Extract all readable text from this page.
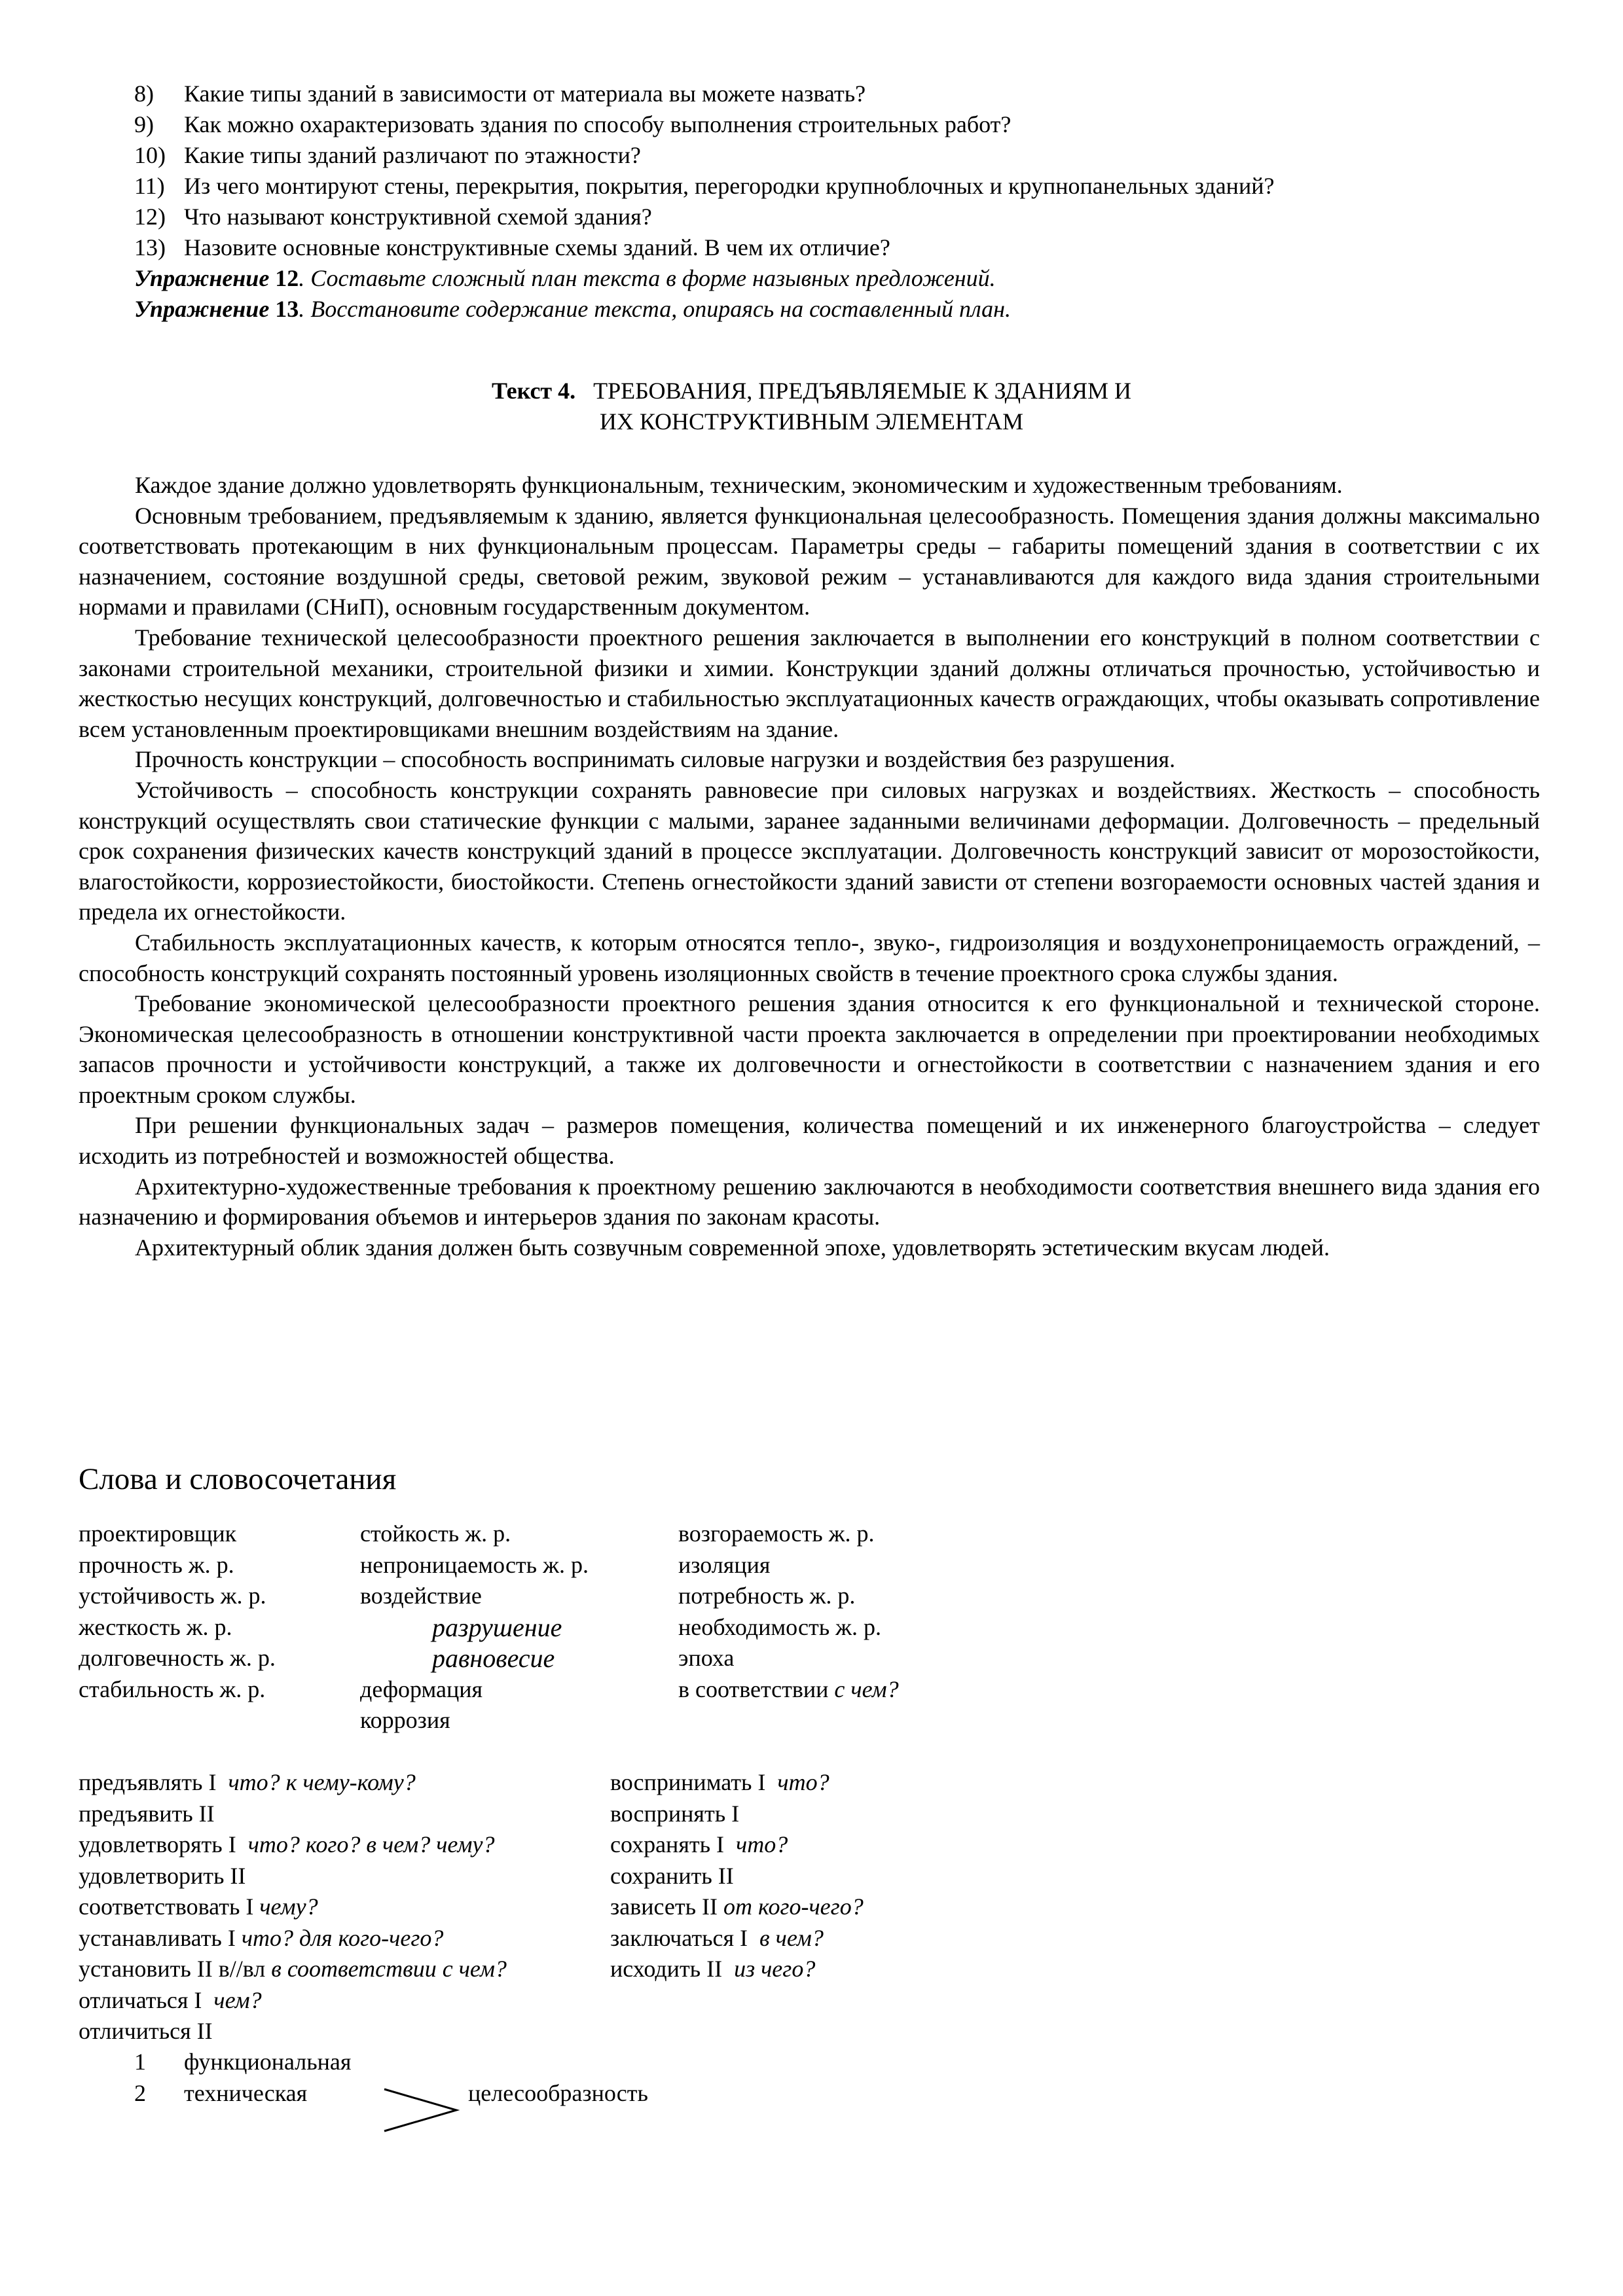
8) Какие типы зданий в зависимости от материала вы можете назвать?
9) Как можно охарактеризовать здания по способу выполнения строительных работ?
10) Какие типы зданий различают по этажности?
11) Из чего монтируют стены, перекрытия, покрытия, перегородки крупноблочных и крупнопанельных зданий?
12) Что называют конструктивной схемой здания?
13) Назовите основные конструктивные схемы зданий. В чем их отличие?
Упражнение 12. Составьте сложный план текста в форме назывных предложений.
Упражнение 13. Восстановите содержание текста, опираясь на составленный план.
Текст 4. ТРЕБОВАНИЯ, ПРЕДЪЯВЛЯЕМЫЕ К ЗДАНИЯМ И
ИХ КОНСТРУКТИВНЫМ ЭЛЕМЕНТАМ

Каждое здание должно удовлетворять функциональным, техническим, экономическим и художественным требованиям.

Основным требованием, предъявляемым к зданию, является функциональная целесообразность. Помещения здания должны максимально соответствовать протекающим в них функциональным процессам. Параметры среды – габариты помещений здания в соответствии с их назначением, состояние воздушной среды, световой режим, звуковой режим – устанавливаются для каждого вида здания строительными нормами и правилами (СНиП), основным государственным документом.

Требование технической целесообразности проектного решения заключается в выполнении его конструкций в полном соответствии с законами строительной механики, строительной физики и химии. Конструкции зданий должны отличаться прочностью, устойчивостью и жесткостью несущих конструкций, долговечностью и стабильностью эксплуатационных качеств ограждающих, чтобы оказывать сопротивление всем установленным проектировщиками внешним воздействиям на здание.

Прочность конструкции – способность воспринимать силовые нагрузки и воздействия без разрушения.

Устойчивость – способность конструкции сохранять равновесие при силовых нагрузках и воздействиях. Жесткость – способность конструкций осуществлять свои статические функции с малыми, заранее заданными величинами деформации. Долговечность – предельный срок сохранения физических качеств конструкций зданий в процессе эксплуатации. Долговечность конструкций зависит от морозостойкости, влагостойкости, коррозиестойкости, биостойкости. Степень огнестойкости зданий зависти от степени возгораемости основных частей здания и предела их огнестойкости.

Стабильность эксплуатационных качеств, к которым относятся тепло-, звуко-, гидроизоляция и воздухонепроницаемость ограждений, – способность конструкций сохранять постоянный уровень изоляционных свойств в течение проектного срока службы здания.

Требование экономической целесообразности проектного решения здания относится к его функциональной и технической стороне. Экономическая целесообразность в отношении конструктивной части проекта заключается в определении при проектировании необходимых запасов прочности и устойчивости конструкций, а также их долговечности и огнестойкости в соответствии с назначением здания и его проектным сроком службы.

При решении функциональных задач – размеров помещения, количества помещений и их инженерного благоустройства – следует исходить из потребностей и возможностей общества.

Архитектурно-художественные требования к проектному решению заключаются в необходимости соответствия внешнего вида здания его назначению и формирования объемов и интерьеров здания по законам красоты.

Архитектурный облик здания должен быть созвучным современной эпохе, удовлетворять эстетическим вкусам людей.

Слова и словосочетания
проектировщик
прочность ж. р.
устойчивость ж. р.
жесткость ж. р.
долговечность ж. р.
стабильность ж. р.
стойкость ж. р.
непроницаемость ж. р.
воздействие
разрушение
равновесие
деформация
коррозия
возгораемость ж. р.
изоляция
потребность ж. р.
необходимость ж. р.
эпоха
в соответствии с чем?
предъявлять I что? к чему-кому?
предъявить II
удовлетворять I что? кого? в чем? чему?
удовлетворить II
соответствовать I чему?
устанавливать I что? для кого-чего?
установить II в//вл в соответствии с чем?
отличаться I чем?
отличиться II
воспринимать I что?
воспринять I
сохранять I что?
сохранить II
зависеть II от кого-чего?
заключаться I в чем?
исходить II из чего?
1 функциональная
2 техническая	целесообразность
